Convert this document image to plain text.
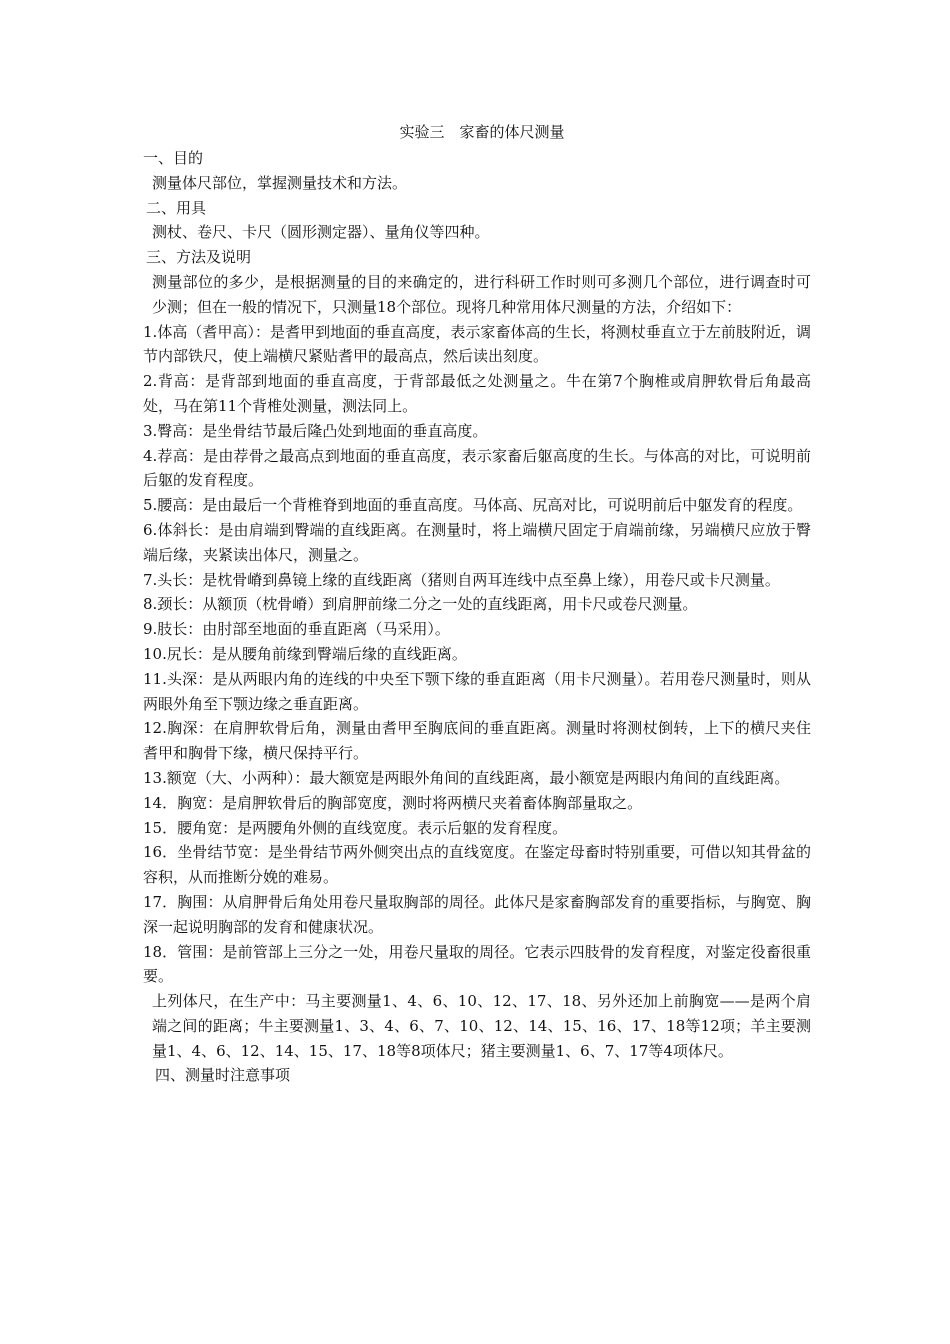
实验三　家畜的体尺测量
一、目的
测量体尺部位，掌握测量技术和方法。
二、用具
测杖、卷尺、卡尺（圆形测定器）、量角仪等四种。
三、方法及说明

测量部位的多少，是根据测量的目的来确定的，进行科研工作时则可多测几个部位，进行调查时可少测；但在一般的情况下，只测量18个部位。现将几种常用体尺测量的方法，介绍如下：

1.体高（耆甲高）：是耆甲到地面的垂直高度，表示家畜体高的生长，将测杖垂直立于左前肢附近，调节内部铁尺，使上端横尺紧贴耆甲的最高点，然后读出刻度。

2.背高：是背部到地面的垂直高度，于背部最低之处测量之。牛在第7个胸椎或肩胛软骨后角最高处，马在第11个背椎处测量，测法同上。

3.臀高：是坐骨结节最后隆凸处到地面的垂直高度。

4.荐高：是由荐骨之最高点到地面的垂直高度，表示家畜后躯高度的生长。与体高的对比，可说明前后躯的发育程度。

5.腰高：是由最后一个背椎脊到地面的垂直高度。马体高、尻高对比，可说明前后中躯发育的程度。

6.体斜长：是由肩端到臀端的直线距离。在测量时，将上端横尺固定于肩端前缘，另端横尺应放于臀端后缘，夹紧读出体尺，测量之。

7.头长：是枕骨嵴到鼻镜上缘的直线距离（猪则自两耳连线中点至鼻上缘），用卷尺或卡尺测量。

8.颈长：从额顶（枕骨嵴）到肩胛前缘二分之一处的直线距离，用卡尺或卷尺测量。

9.肢长：由肘部至地面的垂直距离（马采用）。

10.尻长：是从腰角前缘到臀端后缘的直线距离。

11.头深：是从两眼内角的连线的中央至下颚下缘的垂直距离（用卡尺测量）。若用卷尺测量时，则从两眼外角至下颚边缘之垂直距离。

12.胸深：在肩胛软骨后角，测量由耆甲至胸底间的垂直距离。测量时将测杖倒转，上下的横尺夹住耆甲和胸骨下缘，横尺保持平行。

13.额宽（大、小两种）：最大额宽是两眼外角间的直线距离，最小额宽是两眼内角间的直线距离。

14．胸宽：是肩胛软骨后的胸部宽度，测时将两横尺夹着畜体胸部量取之。

15．腰角宽：是两腰角外侧的直线宽度。表示后躯的发育程度。

16．坐骨结节宽：是坐骨结节两外侧突出点的直线宽度。在鉴定母畜时特别重要，可借以知其骨盆的容积，从而推断分娩的难易。

17．胸围：从肩胛骨后角处用卷尺量取胸部的周径。此体尺是家畜胸部发育的重要指标，与胸宽、胸深一起说明胸部的发育和健康状况。

18．管围：是前管部上三分之一处，用卷尺量取的周径。它表示四肢骨的发育程度，对鉴定役畜很重要。

上列体尺，在生产中：马主要测量1、4、6、10、12、17、18、另外还加上前胸宽——是两个肩端之间的距离；牛主要测量1、3、4、6、7、10、12、14、15、16、17、18等12项；羊主要测量1、4、6、12、14、15、17、18等8项体尺；猪主要测量1、6、7、17等4项体尺。

四、测量时注意事项
